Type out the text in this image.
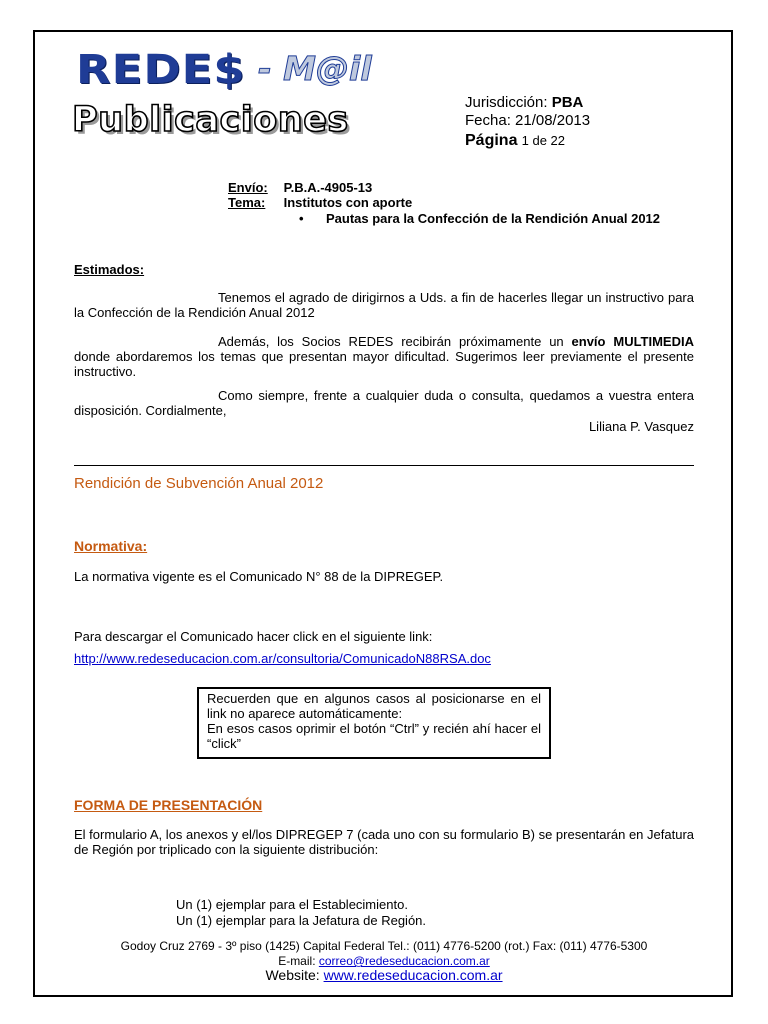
REDE$ - M@il
Publicaciones	Jurisdicción: PBA
Fecha: 21/08/2013
Página 1 de 22
Envío: P.B.A.-4905-13
Tema: Institutos con aporte
• Pautas para la Confección de la Rendición Anual 2012
Estimados:
Tenemos el agrado de dirigirnos a Uds. a fin de hacerles llegar un instructivo para la Confección de la Rendición Anual 2012
Además, los Socios REDES recibirán próximamente un envío MULTIMEDIA donde abordaremos los temas que presentan mayor dificultad. Sugerimos leer previamente el presente instructivo.
Como siempre, frente a cualquier duda o consulta, quedamos a vuestra entera disposición. Cordialmente,
Liliana P. Vasquez
Rendición de Subvención Anual 2012
Normativa:
La normativa vigente es el Comunicado N° 88 de la DIPREGEP.
Para descargar el Comunicado hacer click en el siguiente link:
http://www.redeseducacion.com.ar/consultoria/ComunicadoN88RSA.doc
Recuerden que en algunos casos al posicionarse en el link no aparece automáticamente:
En esos casos oprimir el botón “Ctrl” y recién ahí hacer el “click”
FORMA DE PRESENTACIÓN
El formulario A, los anexos y el/los DIPREGEP 7 (cada uno con su formulario B) se presentarán en Jefatura de Región por triplicado con la siguiente distribución:
Un (1) ejemplar para el Establecimiento.
Un (1) ejemplar para la Jefatura de Región.
Godoy Cruz 2769 - 3º piso (1425) Capital Federal Tel.: (011) 4776-5200 (rot.) Fax: (011) 4776-5300
E-mail: correo@redeseducacion.com.ar
Website: www.redeseducacion.com.ar
